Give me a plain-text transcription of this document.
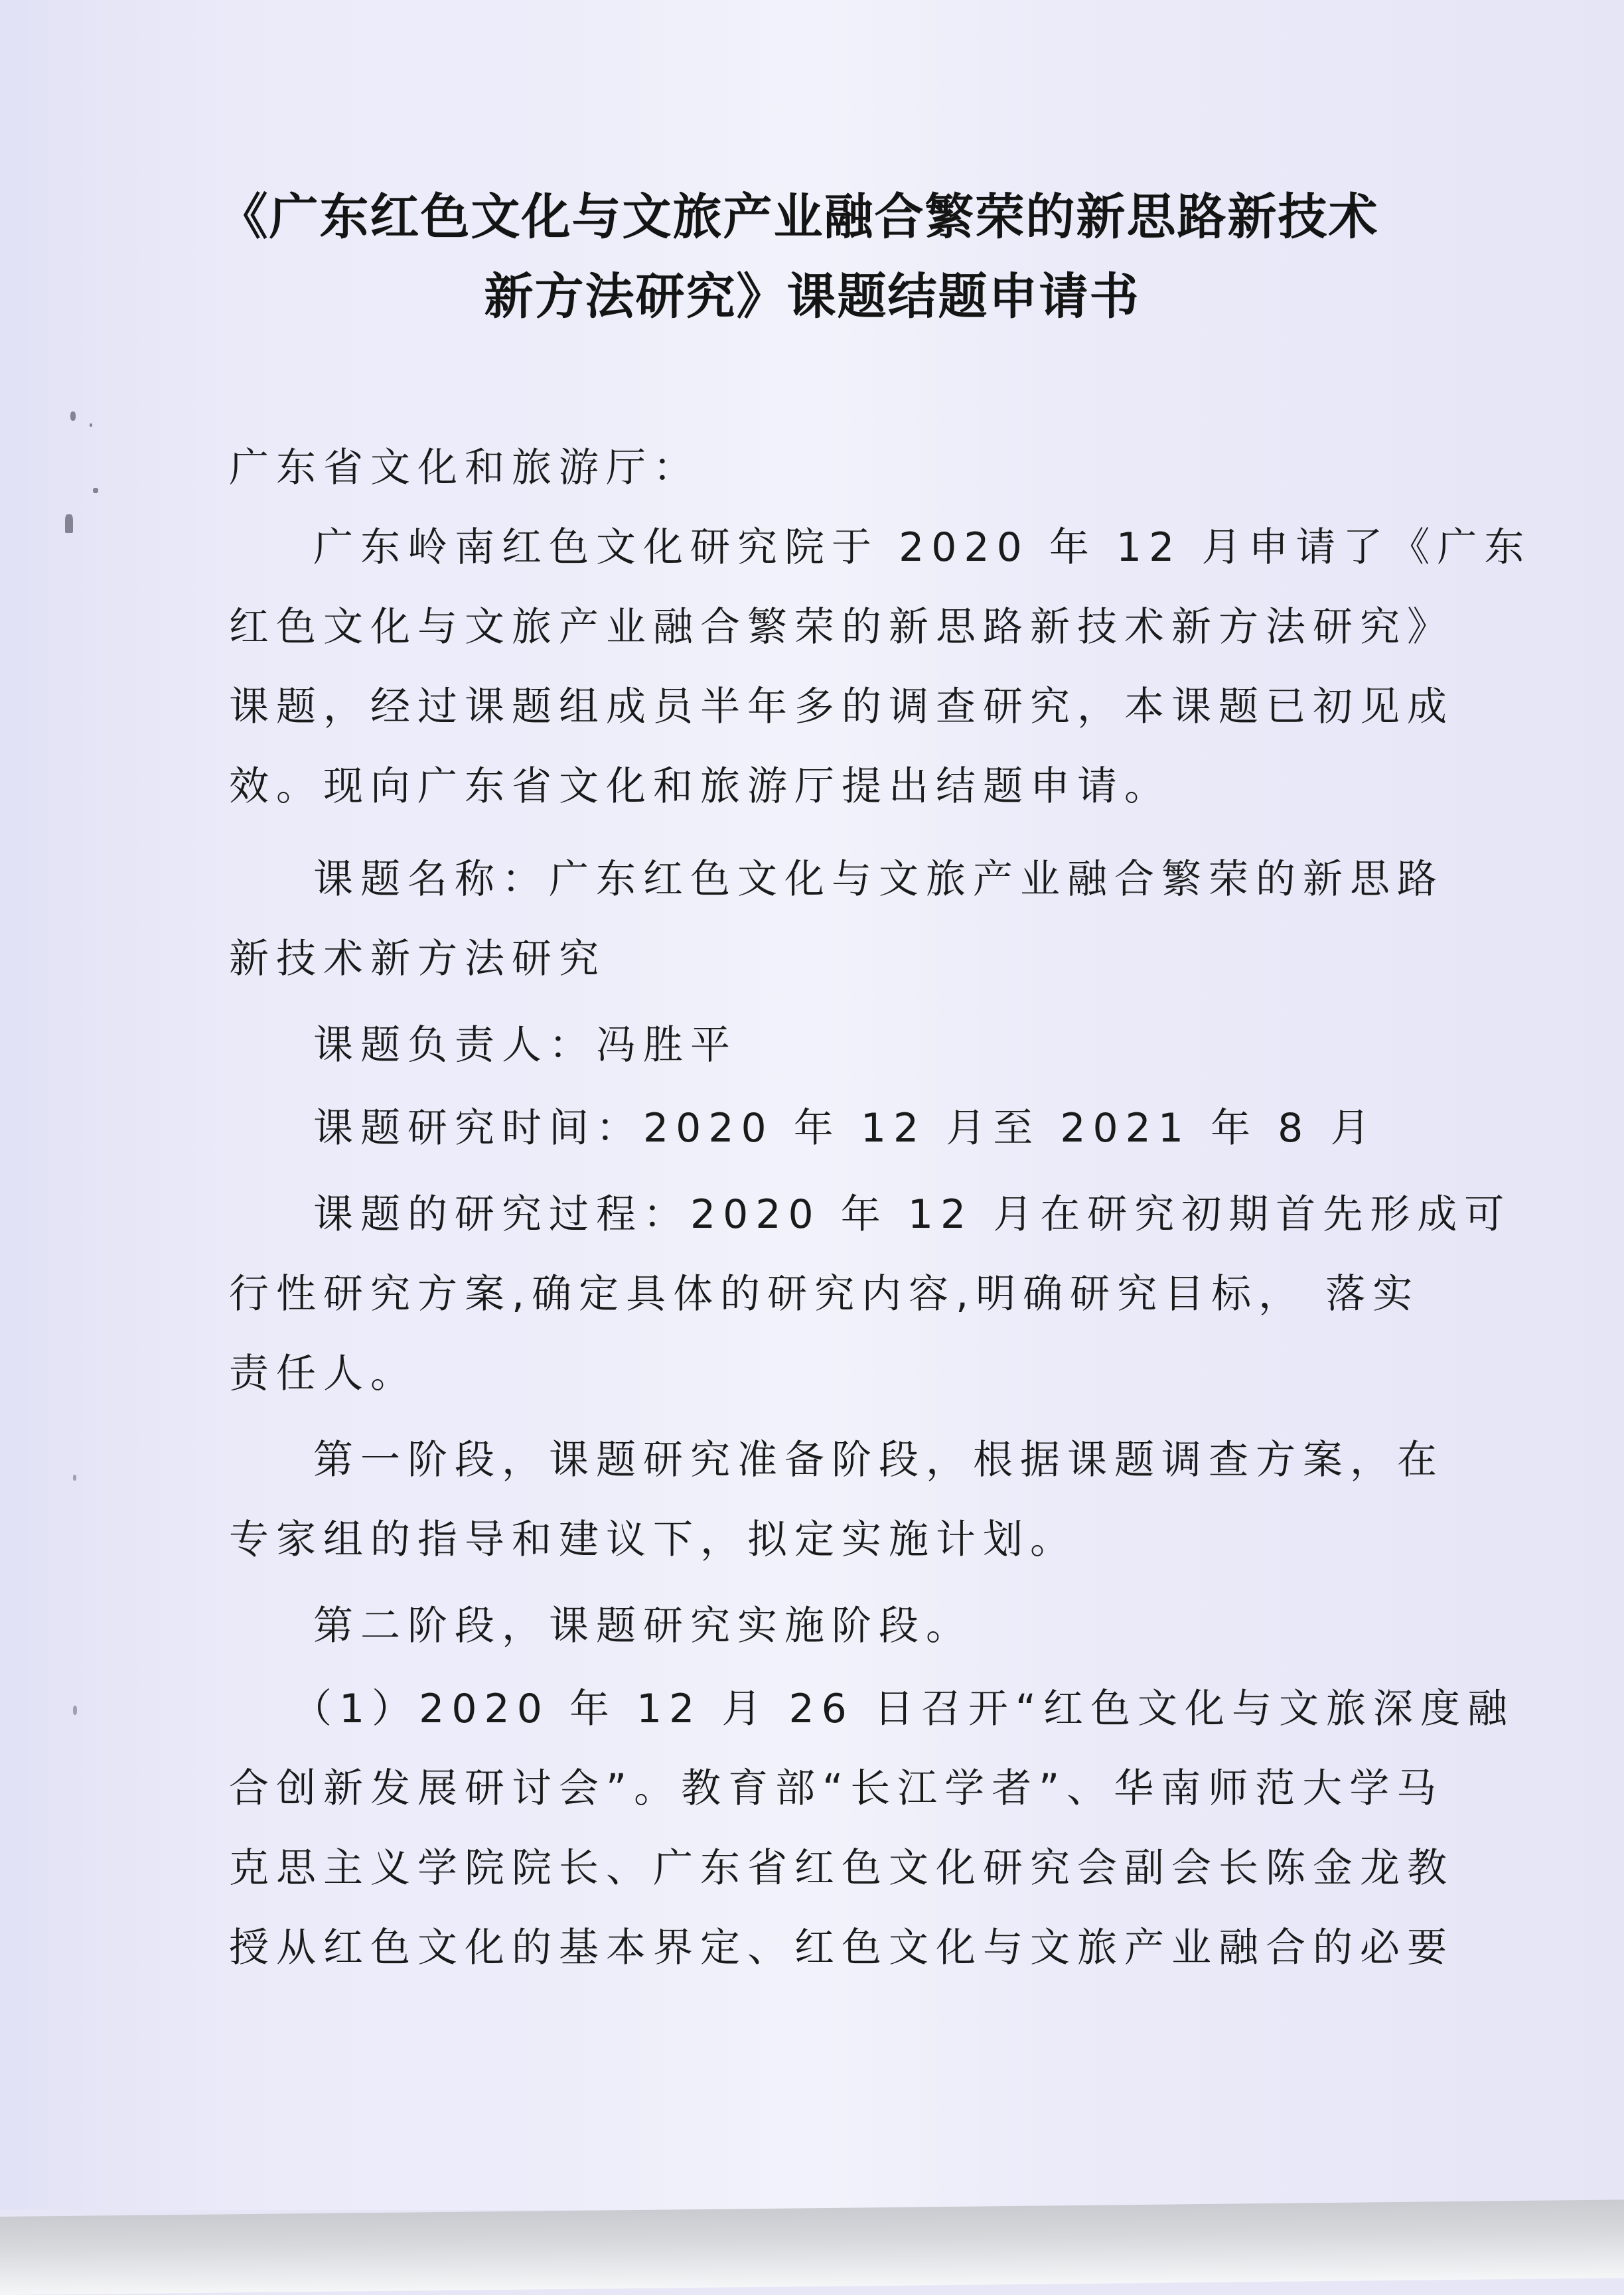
《广东红色文化与文旅产业融合繁荣的新思路新技术
新方法研究》课题结题申请书
广东省文化和旅游厅：
广东岭南红色文化研究院于 2020 年 12 月申请了《广东
红色文化与文旅产业融合繁荣的新思路新技术新方法研究》
课题，经过课题组成员半年多的调查研究，本课题已初见成
效。现向广东省文化和旅游厅提出结题申请。
课题名称：广东红色文化与文旅产业融合繁荣的新思路
新技术新方法研究
课题负责人：冯胜平
课题研究时间：2020 年 12 月至 2021 年 8 月
课题的研究过程：2020 年 12 月在研究初期首先形成可
行性研究方案,确定具体的研究内容,明确研究目标， 落实
责任人。
第一阶段，课题研究准备阶段，根据课题调查方案，在
专家组的指导和建议下，拟定实施计划。
第二阶段，课题研究实施阶段。
（1）2020 年 12 月 26 日召开“红色文化与文旅深度融
合创新发展研讨会”。教育部“长江学者”、华南师范大学马
克思主义学院院长、广东省红色文化研究会副会长陈金龙教
授从红色文化的基本界定、红色文化与文旅产业融合的必要
